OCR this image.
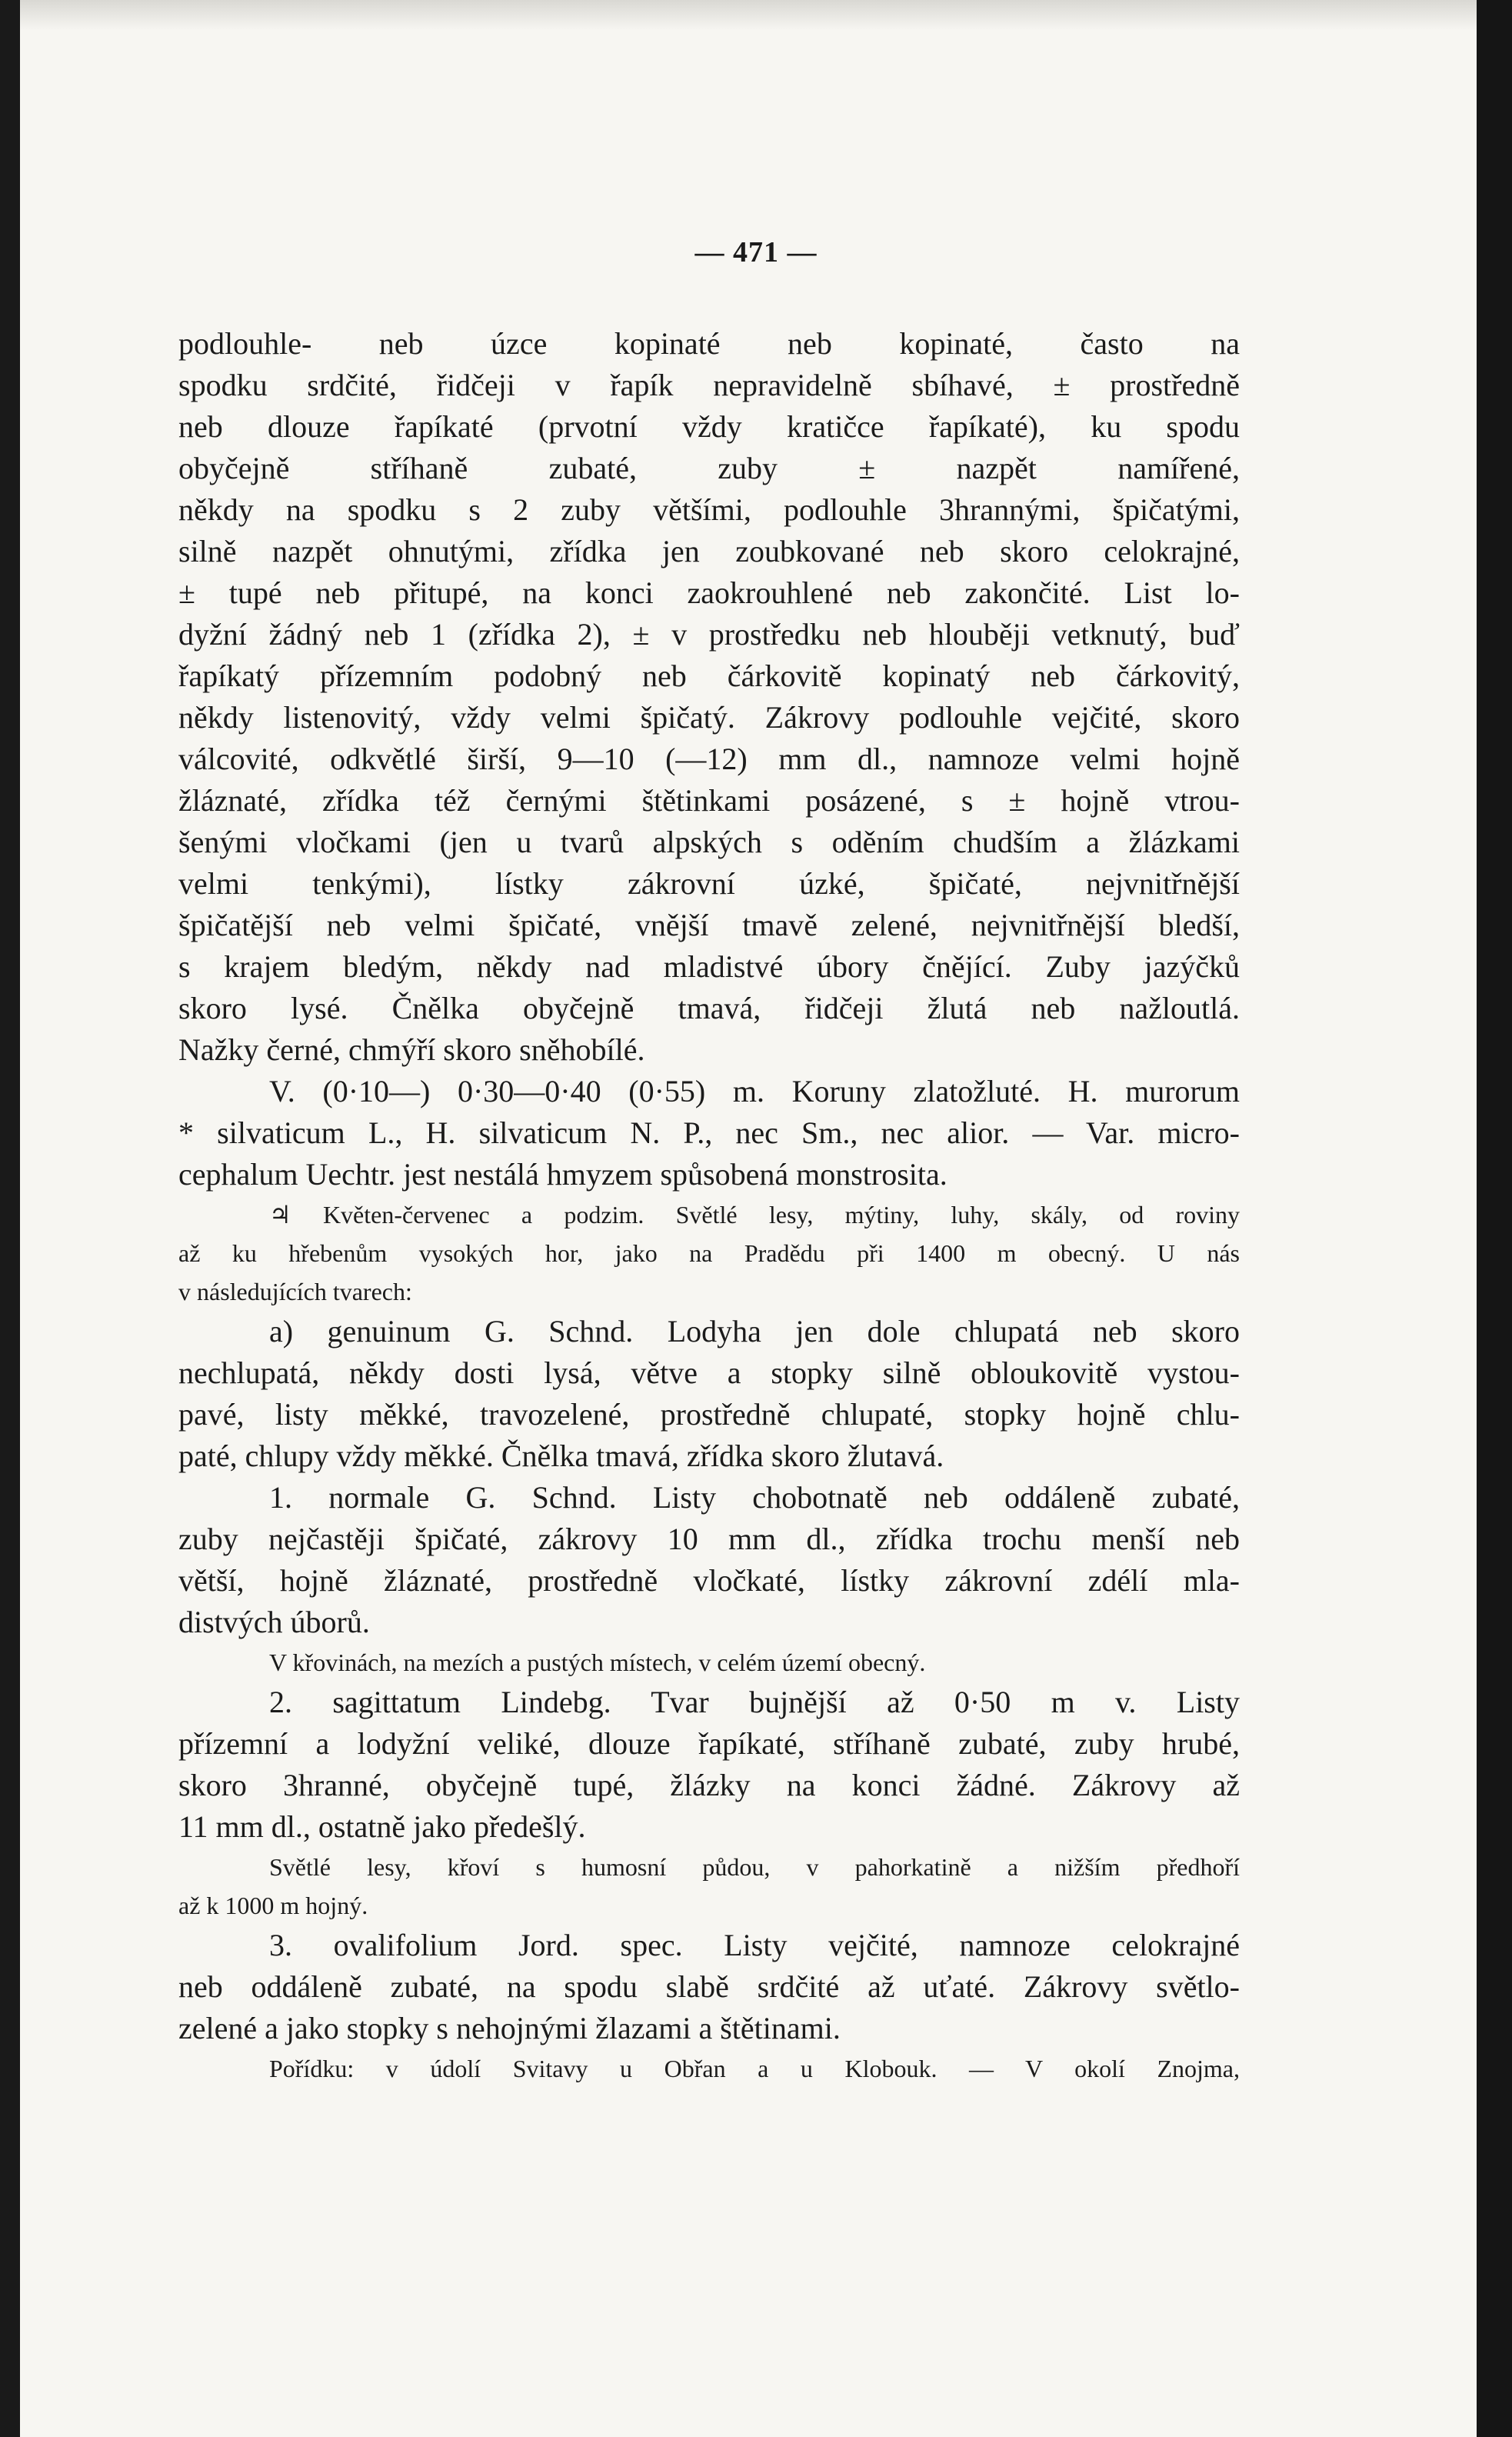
— 471 —
podlouhle- neb úzce kopinaté neb kopinaté, často na
spodku srdčité, řidčeji v řapík nepravidelně sbíhavé, ± prostředně
neb dlouze řapíkaté (prvotní vždy kratičce řapíkaté), ku spodu
obyčejně stříhaně zubaté, zuby ± nazpět namířené,
někdy na spodku s 2 zuby většími, podlouhle 3hrannými, špičatými,
silně nazpět ohnutými, zřídka jen zoubkované neb skoro celokrajné,
± tupé neb přitupé, na konci zaokrouhlené neb zakončité. List lo-
dyžní žádný neb 1 (zřídka 2), ± v prostředku neb hlouběji vetknutý, buď
řapíkatý přízemním podobný neb čárkovitě kopinatý neb čárkovitý,
někdy listenovitý, vždy velmi špičatý. Zákrovy podlouhle vejčité, skoro
válcovité, odkvětlé širší, 9—10 (—12) mm dl., namnoze velmi hojně
žláznaté, zřídka též černými štětinkami posázené, s ± hojně vtrou-
šenými vločkami (jen u tvarů alpských s oděním chudším a žlázkami
velmi tenkými), lístky zákrovní úzké, špičaté, nejvnitřnější
špičatější neb velmi špičaté, vnější tmavě zelené, nejvnitřnější bledší,
s krajem bledým, někdy nad mladistvé úbory čnějící. Zuby jazýčků
skoro lysé. Čnělka obyčejně tmavá, řidčeji žlutá neb nažloutlá.
Nažky černé, chmýří skoro sněhobílé.
V. (0·10—) 0·30—0·40 (0·55) m. Koruny zlatožluté. H. murorum
* silvaticum L., H. silvaticum N. P., nec Sm., nec alior. — Var. micro-
cephalum Uechtr. jest nestálá hmyzem spůsobená monstrosita.
♃ Květen-červenec a podzim. Světlé lesy, mýtiny, luhy, skály, od roviny
až ku hřebenům vysokých hor, jako na Pradědu při 1400 m obecný. U nás
v následujících tvarech:
a) genuinum G. Schnd. Lodyha jen dole chlupatá neb skoro
nechlupatá, někdy dosti lysá, větve a stopky silně obloukovitě vystou-
pavé, listy měkké, travozelené, prostředně chlupaté, stopky hojně chlu-
paté, chlupy vždy měkké. Čnělka tmavá, zřídka skoro žlutavá.
1. normale G. Schnd. Listy chobotnatě neb oddáleně zubaté,
zuby nejčastěji špičaté, zákrovy 10 mm dl., zřídka trochu menší neb
větší, hojně žláznaté, prostředně vločkaté, lístky zákrovní zdélí mla-
distvých úborů.
V křovinách, na mezích a pustých místech, v celém území obecný.
2. sagittatum Lindebg. Tvar bujnější až 0·50 m v. Listy
přízemní a lodyžní veliké, dlouze řapíkaté, stříhaně zubaté, zuby hrubé,
skoro 3hranné, obyčejně tupé, žlázky na konci žádné. Zákrovy až
11 mm dl., ostatně jako předešlý.
Světlé lesy, křoví s humosní půdou, v pahorkatině a nižším předhoří
až k 1000 m hojný.
3. ovalifolium Jord. spec. Listy vejčité, namnoze celokrajné
neb oddáleně zubaté, na spodu slabě srdčité až uťaté. Zákrovy světlo-
zelené a jako stopky s nehojnými žlazami a štětinami.
Pořídku: v údolí Svitavy u Obřan a u Klobouk. — V okolí Znojma,
